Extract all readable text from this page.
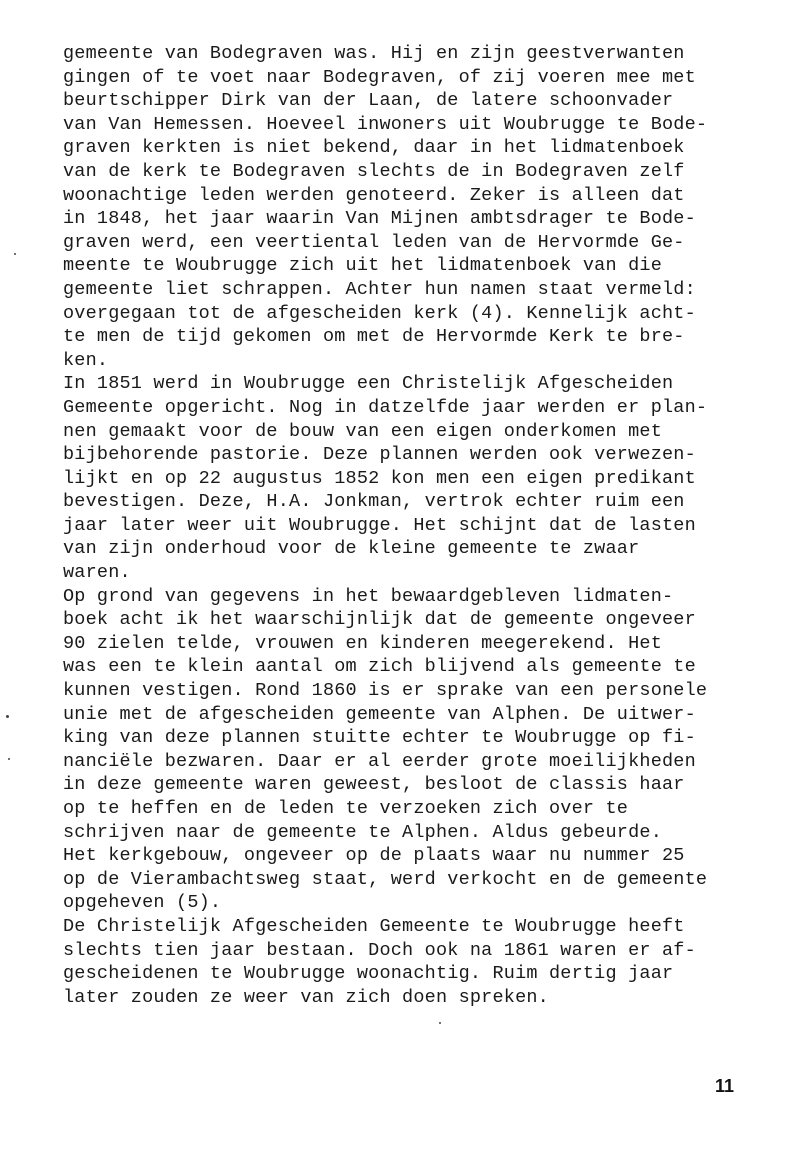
gemeente van Bodegraven was. Hij en zijn geestverwanten
gingen of te voet naar Bodegraven, of zij voeren mee met
beurtschipper Dirk van der Laan, de latere schoonvader
van Van Hemessen. Hoeveel inwoners uit Woubrugge te Bode-
graven kerkten is niet bekend, daar in het lidmatenboek
van de kerk te Bodegraven slechts de in Bodegraven zelf
woonachtige leden werden genoteerd. Zeker is alleen dat
in 1848, het jaar waarin Van Mijnen ambtsdrager te Bode-
graven werd, een veertiental leden van de Hervormde Ge-
meente te Woubrugge zich uit het lidmatenboek van die
gemeente liet schrappen. Achter hun namen staat vermeld:
overgegaan tot de afgescheiden kerk (4). Kennelijk acht-
te men de tijd gekomen om met de Hervormde Kerk te bre-
ken.
In 1851 werd in Woubrugge een Christelijk Afgescheiden
Gemeente opgericht. Nog in datzelfde jaar werden er plan-
nen gemaakt voor de bouw van een eigen onderkomen met
bijbehorende pastorie. Deze plannen werden ook verwezen-
lijkt en op 22 augustus 1852 kon men een eigen predikant
bevestigen. Deze, H.A. Jonkman, vertrok echter ruim een
jaar later weer uit Woubrugge. Het schijnt dat de lasten
van zijn onderhoud voor de kleine gemeente te zwaar
waren.
Op grond van gegevens in het bewaardgebleven lidmaten-
boek acht ik het waarschijnlijk dat de gemeente ongeveer
90 zielen telde, vrouwen en kinderen meegerekend. Het
was een te klein aantal om zich blijvend als gemeente te
kunnen vestigen. Rond 1860 is er sprake van een personele
unie met de afgescheiden gemeente van Alphen. De uitwer-
king van deze plannen stuitte echter te Woubrugge op fi-
nanciële bezwaren. Daar er al eerder grote moeilijkheden
in deze gemeente waren geweest, besloot de classis haar
op te heffen en de leden te verzoeken zich over te
schrijven naar de gemeente te Alphen. Aldus gebeurde.
Het kerkgebouw, ongeveer op de plaats waar nu nummer 25
op de Vierambachtsweg staat, werd verkocht en de gemeente
opgeheven (5).
De Christelijk Afgescheiden Gemeente te Woubrugge heeft
slechts tien jaar bestaan. Doch ook na 1861 waren er af-
gescheidenen te Woubrugge woonachtig. Ruim dertig jaar
later zouden ze weer van zich doen spreken.
11
